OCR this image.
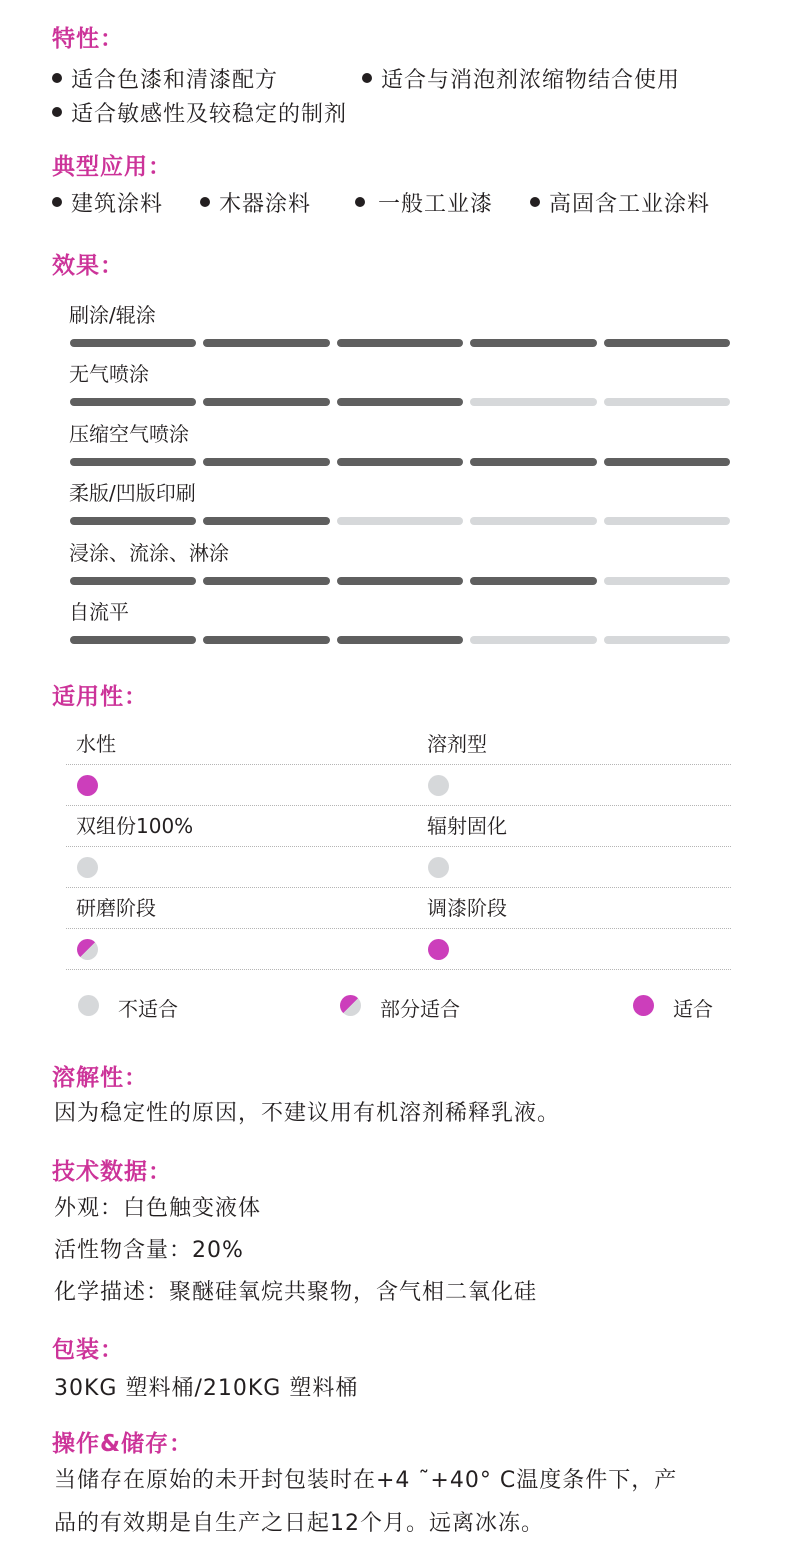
特性：
适合色漆和清漆配方	适合与消泡剂浓缩物结合使用
适合敏感性及较稳定的制剂
典型应用：
建筑涂料	木器涂料	一般工业漆	高固含工业涂料
效果：
刷涂/辊涂
无气喷涂
压缩空气喷涂
柔版/凹版印刷
浸涂、流涂、淋涂
自流平
适用性：
水性	溶剂型
双组份100%	辐射固化
研磨阶段	调漆阶段
不适合	部分适合	适合
溶解性：
因为稳定性的原因，不建议用有机溶剂稀释乳液。
技术数据：
外观：白色触变液体
活性物含量：20%
化学描述：聚醚硅氧烷共聚物，含气相二氧化硅
包装：
30KG 塑料桶/210KG 塑料桶
操作&储存：
当储存在原始的未开封包装时在+4 ˜+40° C温度条件下，产
品的有效期是自生产之日起12个月。远离冰冻。
